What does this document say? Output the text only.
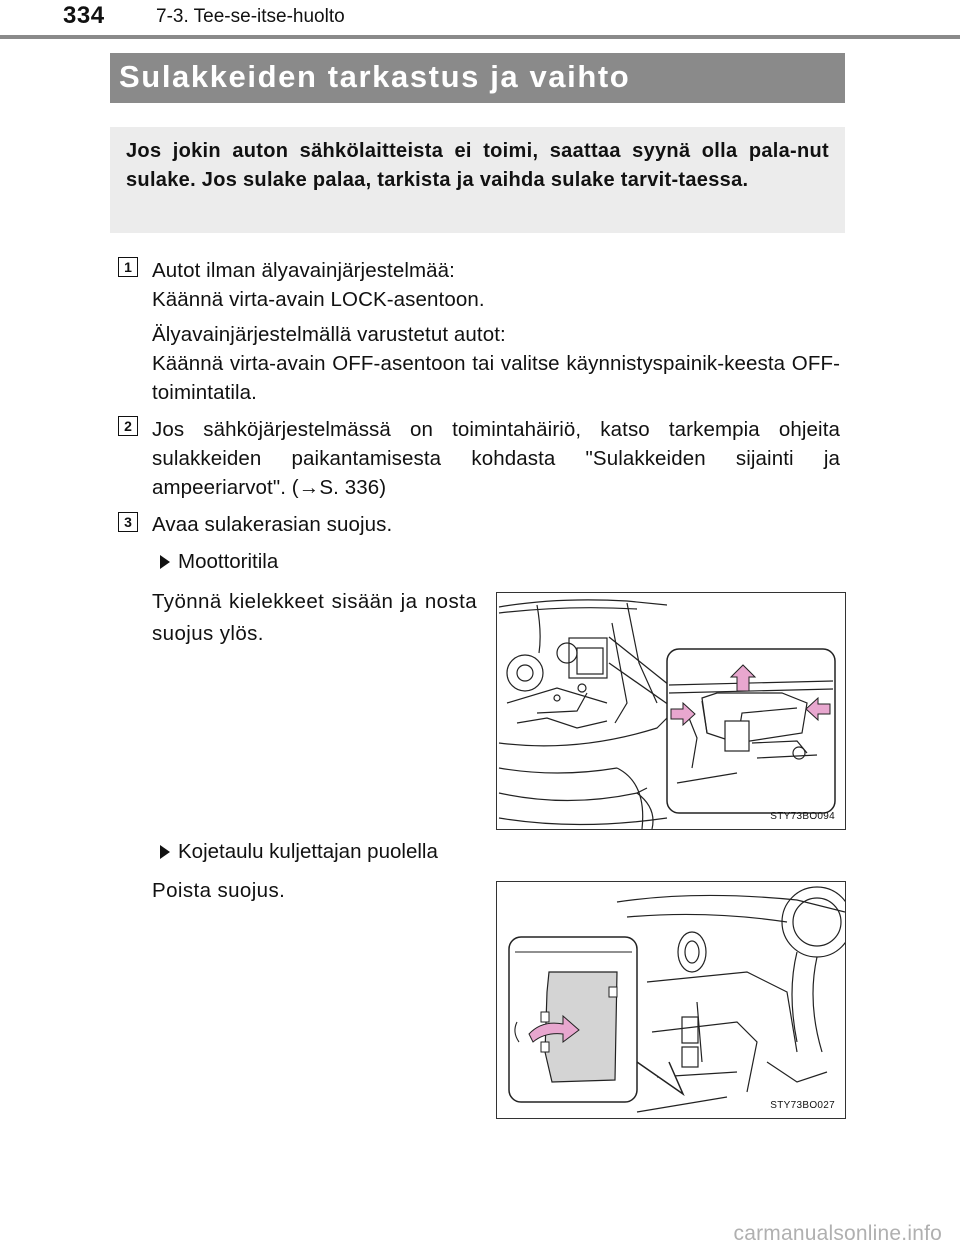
334	7-3. Tee-se-itse-huolto
Sulakkeiden tarkastus ja vaihto
Jos jokin auton sähkölaitteista ei toimi, saattaa syynä olla pala-nut sulake. Jos sulake palaa, tarkista ja vaihda sulake tarvit-taessa.
1 Autot ilman älyavainjärjestelmää:
Käännä virta-avain LOCK-asentoon.
Älyavainjärjestelmällä varustetut autot:
Käännä virta-avain OFF-asentoon tai valitse käynnistyspainik-keesta OFF-toimintatila.
2 Jos sähköjärjestelmässä on toimintahäiriö, katso tarkempia ohjeita sulakkeiden paikantamisesta kohdasta "Sulakkeiden sijainti ja ampeeriarvot". (→S. 336)
3 Avaa sulakerasian suojus.
Moottoritila
Työnnä kielekkeet sisään ja nosta suojus ylös.
STY73BO094
Kojetaulu kuljettajan puolella
Poista suojus.
STY73BO027
carmanualsonline.info
